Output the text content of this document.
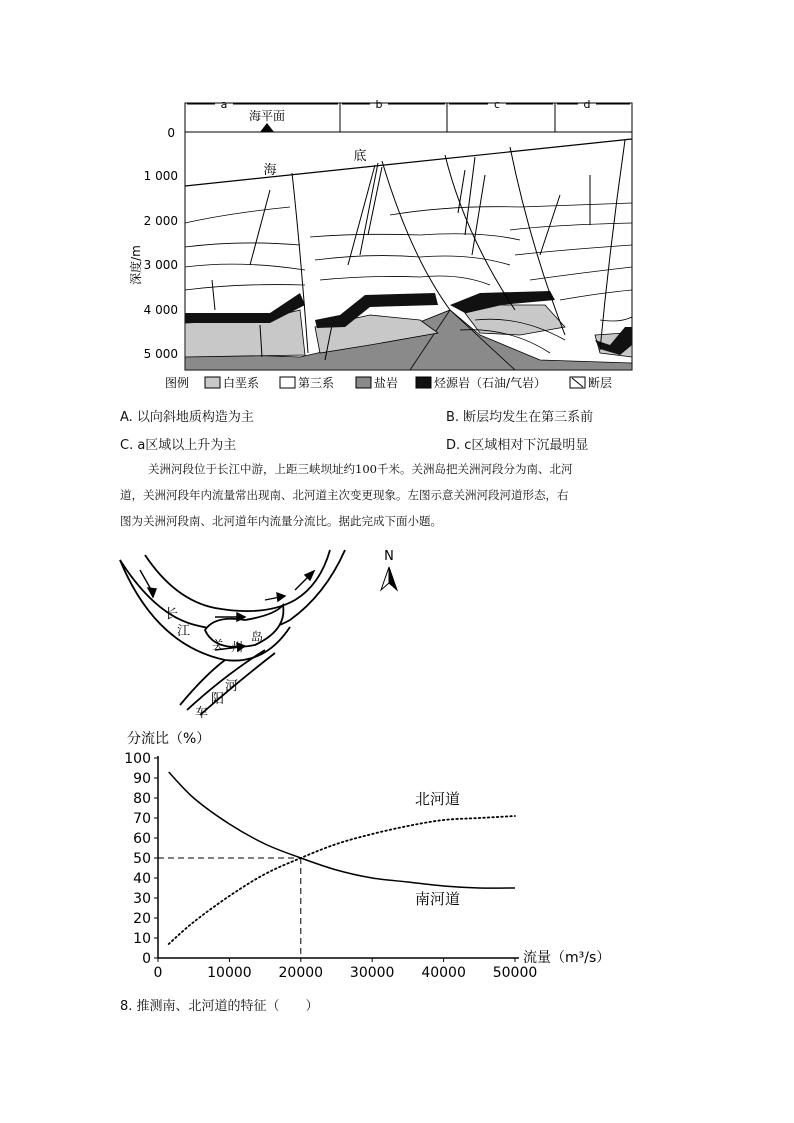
a	b	c	d
海平面
0
1 000
2 000
3 000
4 000
5 000
深度/m
海
底
图例	白垩系	第三系	盐岩	烃源岩（石油/气岩）	断层
A. 以向斜地质构造为主	B. 断层均发生在第三系前
C. a区域以上升为主	D. c区域相对下沉最明显
关洲河段位于长江中游，上距三峡坝址约100千米。关洲岛把关洲河段分为南、北河
道，关洲河段年内流量常出现南、北河道主次变更现象。左图示意关洲河段河道形态，右
图为关洲河段南、北河道年内流量分流比。据此完成下面小题。
长
江
关 州
岛
河
阳
车
N
分流比（%）
流量（m³/s）
0
10
20
30
40
50
60
70
80
90
100
0	10000 20000 30000 40000 50000
北河道
南河道
8. 推测南、北河道的特征（　　）
